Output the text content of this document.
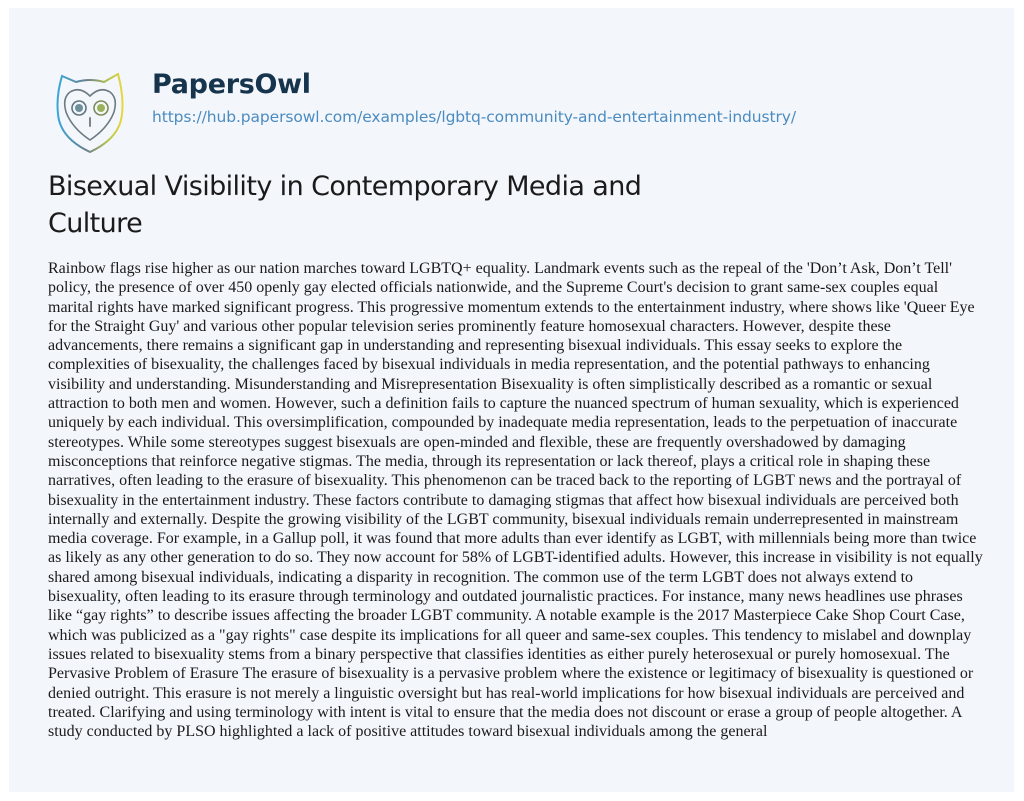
PapersOwl
https://hub.papersowl.com/examples/lgbtq-community-and-entertainment-industry/
Bisexual Visibility in Contemporary Media and Culture

Rainbow flags rise higher as our nation marches toward LGBTQ+ equality. Landmark events such as the repeal of the 'Don’t Ask, Don’t Tell' policy, the presence of over 450 openly gay elected officials nationwide, and the Supreme Court's decision to grant same-sex couples equal marital rights have marked significant progress. This progressive momentum extends to the entertainment industry, where shows like 'Queer Eye for the Straight Guy' and various other popular television series prominently feature homosexual characters. However, despite these advancements, there remains a significant gap in understanding and representing bisexual individuals. This essay seeks to explore the complexities of bisexuality, the challenges faced by bisexual individuals in media representation, and the potential pathways to enhancing visibility and understanding. Misunderstanding and Misrepresentation Bisexuality is often simplistically described as a romantic or sexual attraction to both men and women. However, such a definition fails to capture the nuanced spectrum of human sexuality, which is experienced uniquely by each individual. This oversimplification, compounded by inadequate media representation, leads to the perpetuation of inaccurate stereotypes. While some stereotypes suggest bisexuals are open-minded and flexible, these are frequently overshadowed by damaging misconceptions that reinforce negative stigmas. The media, through its representation or lack thereof, plays a critical role in shaping these narratives, often leading to the erasure of bisexuality. This phenomenon can be traced back to the reporting of LGBT news and the portrayal of bisexuality in the entertainment industry. These factors contribute to damaging stigmas that affect how bisexual individuals are perceived both internally and externally. Despite the growing visibility of the LGBT community, bisexual individuals remain underrepresented in mainstream media coverage. For example, in a Gallup poll, it was found that more adults than ever identify as LGBT, with millennials being more than twice as likely as any other generation to do so. They now account for 58% of LGBT-identified adults. However, this increase in visibility is not equally shared among bisexual individuals, indicating a disparity in recognition. The common use of the term LGBT does not always extend to bisexuality, often leading to its erasure through terminology and outdated journalistic practices. For instance, many news headlines use phrases like “gay rights” to describe issues affecting the broader LGBT community. A notable example is the 2017 Masterpiece Cake Shop Court Case, which was publicized as a "gay rights" case despite its implications for all queer and same-sex couples. This tendency to mislabel and downplay issues related to bisexuality stems from a binary perspective that classifies identities as either purely heterosexual or purely homosexual. The Pervasive Problem of Erasure The erasure of bisexuality is a pervasive problem where the existence or legitimacy of bisexuality is questioned or denied outright. This erasure is not merely a linguistic oversight but has real-world implications for how bisexual individuals are perceived and treated. Clarifying and using terminology with intent is vital to ensure that the media does not discount or erase a group of people altogether. A study conducted by PLSO highlighted a lack of positive attitudes toward bisexual individuals among the general
